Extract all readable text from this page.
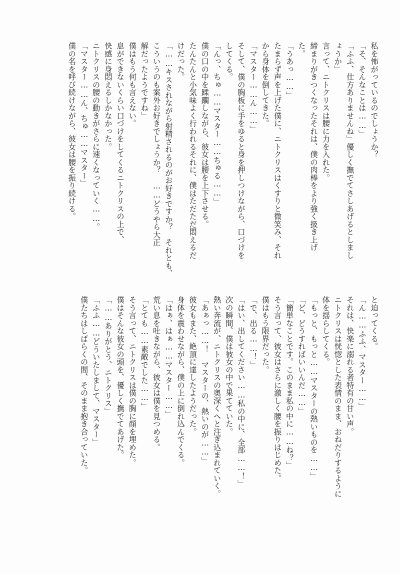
私を怖がっているのでしょうか？
「そ、そんなことは……」
「ふふ、仕方ありませんね」優しく撫でてさしあげるとしまし
ょうか」
言って、ニトクリスは腰に力を入れた。
締まりがきつくなったそれは、僕の肉棒をより強く扱き上げ
た。
「うあっ……」
たまらず声を上げた僕に、ニトクリスはくすりと微笑み、それ
から身体を倒してきた。
「マスター……ん……」
そして、僕の胸板に手をゆると身を押しつけながら、口づけを
してくる。
「んっ、ちゅ……マスター……ちゅる……」
僕の口の中を蹂躙しながら、彼女は腰を上下させる。
たんたんと小気味よく行われるそれに、僕はただただ悶えるだ
けだった。
「……キスされながら射精されるのがお好きですか？　それとも、
こういうのも案外お好きでしょうか？　……どうやら大正
解だったようですね」
僕はもう何も言えない。
息ができないくらい口づけをしてくるニトクリスの上で、
快感に身悶えるしかなかった。
ニトクリスの腰の動きがさらに速くなっていく……。
「マスター……ん、ちゅ……マスター」
僕の名を呼び続けながら、彼女は腰を振り続ける。
と迫ってくる。
「ん……ふふ、マスター……」
それは、快楽に溺れる者特有の甘い声。
ニトクリスは恍惚とした表情のまま、おねだりするように
体を揺らしてくる。
「もっと、もっと……マスターの熱いものを……」
「ど、どうすればいいんだ……」
「簡単なことです。このまま私の中に……ね？」
そう言って、彼女はさらに激しく腰を振りはじめた。
僕はもう限界だった。
「で、出る……！」
「はい、出してください……私の中に、全部……！」
次の瞬間、僕は彼女の中で果てていた。
熱い奔流が、ニトクリスの奥深くへと注ぎ込まれていく。
「あぁっ……！　マスターの、熱いのが……」
彼女もまた、絶頂に達したようだった。
身体を震わせながら、僕の上に倒れ込んでくる。
「はぁ、はぁ……マスター……」
荒い息を吐きながら、彼女は僕を見つめる。
「とても……素敵でした……」
そう言って、ニトクリスは僕の胸に顔を埋めた。
僕はそんな彼女の頭を、優しく撫でてあげた。
「……ありがとう、ニトクリス」
「ふふ……どういたしまして、マスター」
僕たちはしばらくの間、そのまま抱き合っていた。
